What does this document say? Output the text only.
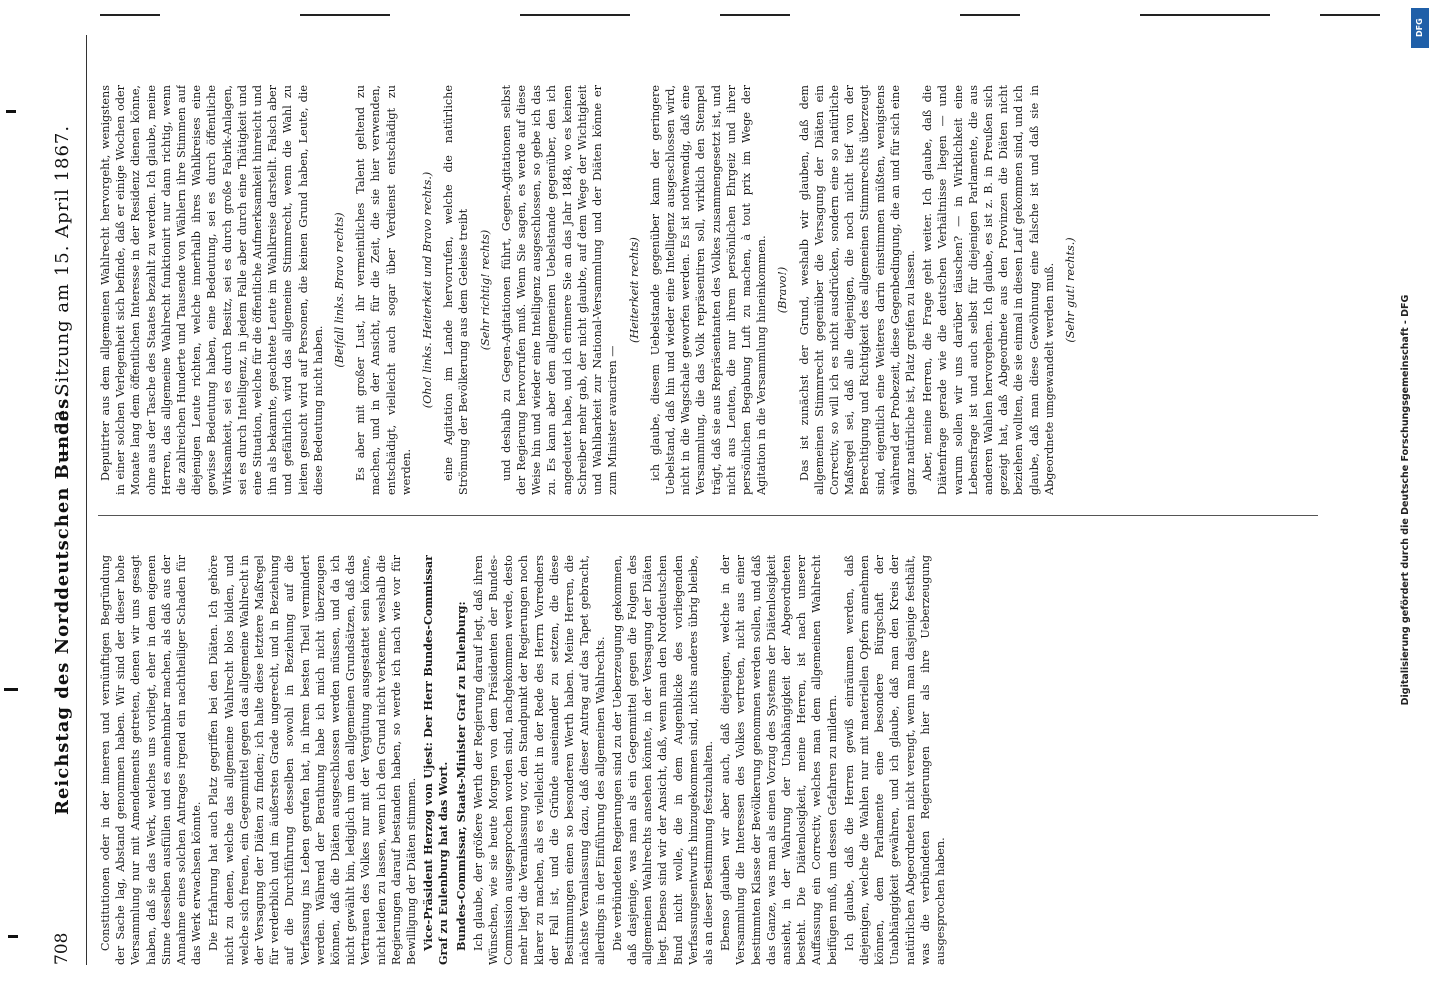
708
Reichstag des Norddeutschen Bundes.
— 33. Sitzung am 15. April 1867.

Constitutionen oder in der inneren und vernünftigen Begründung der Sache lag, Abstand genommen haben. Wir sind der dieser hohe Versammlung nur mit Amendements getreten, denen wir uns gesagt haben, daß sie das Werk, welches uns vorliegt, eher in dem eigenen Sinne desselben ausfüllen und es annehmbar machen, als daß aus der Annahme eines solchen Antrages irgend ein nachtheiliger Schaden für das Werk erwachsen könnte. Die Erfahrung hat auch Platz gegriffen bei den Diäten. Ich gehöre nicht zu denen, welche das allgemeine Wahlrecht blos bilden, und welche sich freuen, ein Gegenmittel gegen das allgemeine Wahlrecht in der Versagung der Diäten zu finden; ich halte diese letztere Maßregel für verderblich und im äußersten Grade ungerecht, und in Beziehung auf die Durchführung desselben sowohl in Beziehung auf die Verfassung ins Leben gerufen hat, in ihrem besten Theil vermindert werden. Während der Berathung habe ich mich nicht überzeugen können, daß die Diäten ausgeschlossen werden müssen, und da ich nicht gewählt bin, lediglich um den allgemeinen Grundsätzen, daß das Vertrauen des Volkes nur mit der Vergütung ausgestattet sein könne, nicht leiden zu lassen, wenn ich den Grund nicht verkenne, weshalb die Regierungen darauf bestanden haben, so werde ich nach wie vor für Bewilligung der Diäten stimmen. Vice-Präsident Herzog von Ujest: Der Herr Bundes-Commissar Graf zu Eulenburg hat das Wort. Bundes-Commissar, Staats-Minister Graf zu Eulenburg: Ich glaube, der größere Werth der Regierung darauf legt, daß ihren Wünschen, wie sie heute Morgen von dem Präsidenten der Bundes-Commission ausgesprochen worden sind, nachgekommen werde, desto mehr liegt die Veranlassung vor, den Standpunkt der Regierungen noch klarer zu machen, als es vielleicht in der Rede des Herrn Vorredners der Fall ist, und die Gründe auseinander zu setzen, die diese Bestimmungen einen so besonderen Werth haben. Meine Herren, die nächste Veranlassung dazu, daß dieser Antrag auf das Tapet gebracht, allerdings in der Einführung des allgemeinen Wahlrechts. Die verbündeten Regierungen sind zu der Ueberzeugung gekommen, daß dasjenige, was man als ein Gegenmittel gegen die Folgen des allgemeinen Wahlrechts ansehen könnte, in der Versagung der Diäten liegt. Ebenso sind wir der Ansicht, daß, wenn man den Norddeutschen Bund nicht wolle, die in dem Augenblicke des vorliegenden Verfassungsentwurfs hinzugekommen sind, nichts anderes übrig bleibe, als an dieser Bestimmung festzuhalten. Ebenso glauben wir aber auch, daß diejenigen, welche in der Versammlung die Interessen des Volkes vertreten, nicht aus einer bestimmten Klasse der Bevölkerung genommen werden sollen, und daß das Ganze, was man als einen Vorzug des Systems der Diätenlosigkeit ansieht, in der Wahrung der Unabhängigkeit der Abgeordneten besteht. Die Diätenlosigkeit, meine Herren, ist nach unserer Auffassung ein Correctiv, welches man dem allgemeinen Wahlrecht beifügen muß, um dessen Gefahren zu mildern. Ich glaube, daß die Herren gewiß einräumen werden, daß diejenigen, welche die Wahlen nur mit materiellen Opfern annehmen können, dem Parlamente eine besondere Bürgschaft der Unabhängigkeit gewähren, und ich glaube, daß man den Kreis der natürlichen Abgeordneten nicht verengt, wenn man dasjenige festhält, was die verbündeten Regierungen hier als ihre Ueberzeugung ausgesprochen haben.

Deputirter aus dem allgemeinen Wahlrecht hervorgeht, wenigstens in einer solchen Verlegenheit sich befinde, daß er einige Wochen oder Monate lang dem öffentlichen Interesse in der Residenz dienen könne, ohne aus der Tasche des Staates bezahlt zu werden. Ich glaube, meine Herren, das allgemeine Wahlrecht funktionirt nur dann richtig, wenn die zahlreichen Hunderte und Tausende von Wählern ihre Stimmen auf diejenigen Leute richten, welche innerhalb ihres Wahlkreises eine gewisse Bedeutung haben, eine Bedeutung, sei es durch öffentliche Wirksamkeit, sei es durch Besitz, sei es durch große Fabrik-Anlagen, sei es durch Intelligenz, in jedem Falle aber durch eine Thätigkeit und eine Situation, welche für die öffentliche Aufmerksamkeit hinreicht und ihn als bekannte, geachtete Leute im Wahlkreise darstellt. Falsch aber und gefährlich wird das allgemeine Stimmrecht, wenn die Wahl zu leiten gesucht wird auf Personen, die keinen Grund haben, Leute, die diese Bedeutung nicht haben.

(Beifall links. Bravo rechts) Es aber mit großer Lust, ihr vermeintliches Talent geltend zu machen, und in der Ansicht, für die Zeit, die sie hier verwenden, entschädigt, vielleicht auch sogar über Verdienst entschädigt zu werden.

(Oho! links. Heiterkeit und Bravo rechts.) eine Agitation im Lande hervorrufen, welche die natürliche Strömung der Bevölkerung aus dem Geleise treibt (Sehr richtig! rechts) und deshalb zu Gegen-Agitationen führt, Gegen-Agitationen selbst der Regierung hervorrufen muß. Wenn Sie sagen, es werde auf diese Weise hin und wieder eine Intelligenz ausgeschlossen, so gebe ich das zu. Es kann aber dem allgemeinen Uebelstande gegenüber, den ich angedeutet habe, und ich erinnere Sie an das Jahr 1848, wo es keinen Schreiber mehr gab, der nicht glaubte, auf dem Wege der Wichtigkeit und Wahlbarkeit zur National-Versammlung und der Diäten könne er zum Minister avanciren —

(Heiterkeit rechts) ich glaube, diesem Uebelstande gegenüber kann der geringere Uebelstand, daß hin und wieder eine Intelligenz ausgeschlossen wird, nicht in die Wagschale geworfen werden. Es ist nothwendig, daß eine Versammlung, die das Volk repräsentiren soll, wirklich den Stempel trägt, daß sie aus Repräsentanten des Volkes zusammengesetzt ist, und nicht aus Leuten, die nur ihrem persönlichen Ehrgeiz und ihrer persönlichen Begabung Luft zu machen, à tout prix im Wege der Agitation in die Versammlung hineinkommen. (Bravo!) Das ist zunächst der Grund, weshalb wir glauben, daß dem allgemeinen Stimmrecht gegenüber die Versagung der Diäten ein Correctiv, so will ich es nicht ausdrücken, sondern eine so natürliche Maßregel sei, daß alle diejenigen, die noch nicht tief von der Berechtigung und Richtigkeit des allgemeinen Stimmrechts überzeugt sind, eigentlich eine Weiteres darin einstimmen müßten, wenigstens während der Probezeit, diese Gegenbedingung, die an und für sich eine ganz natürliche ist, Platz greifen zu lassen. Aber, meine Herren, die Frage geht weiter. Ich glaube, daß die Diätenfrage gerade wie die deutschen Verhältnisse liegen — und warum sollen wir uns darüber täuschen? — in Wirklichkeit eine Lebensfrage ist und auch selbst für diejenigen Parlamente, die aus anderen Wahlen hervorgehen. Ich glaube, es ist z. B. in Preußen sich gezeigt hat, daß Abgeordnete aus den Provinzen die Diäten nicht beziehen wollten, die sie einmal in diesen Lauf gekommen sind, und ich glaube, daß man diese Gewöhnung eine falsche ist und daß sie in Abgeordnete umgewandelt werden muß. (Sehr gut! rechts.)

DFG
Digitalisierung gefördert durch die Deutsche Forschungsgemeinschaft - DFG
